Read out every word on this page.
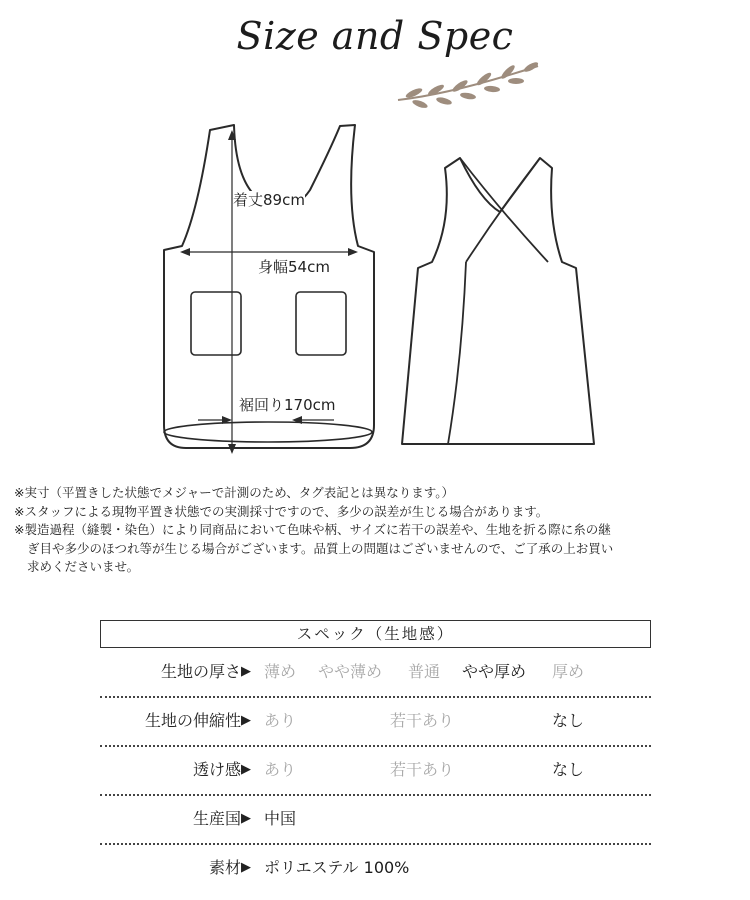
Size and Spec
着丈89cm
身幅54cm
裾回り170cm
※実寸（平置きした状態でメジャーで計測のため、タグ表記とは異なります。）
※スタッフによる現物平置き状態での実測採寸ですので、多少の誤差が生じる場合があります。
※製造過程（縫製・染色）により同商品において色味や柄、サイズに若干の誤差や、生地を折る際に糸の継
ぎ目や多少のほつれ等が生じる場合がございます。品質上の問題はございませんので、ご了承の上お買い
求めくださいませ。
スペック（生地感）
生地の厚さ ▶ 薄め やや薄め 普通 やや厚め 厚め
生地の伸縮性 ▶ あり	若干あり	なし
透け感 ▶ あり	若干あり	なし
生産国 ▶ 中国
素材 ▶ ポリエステル 100%
